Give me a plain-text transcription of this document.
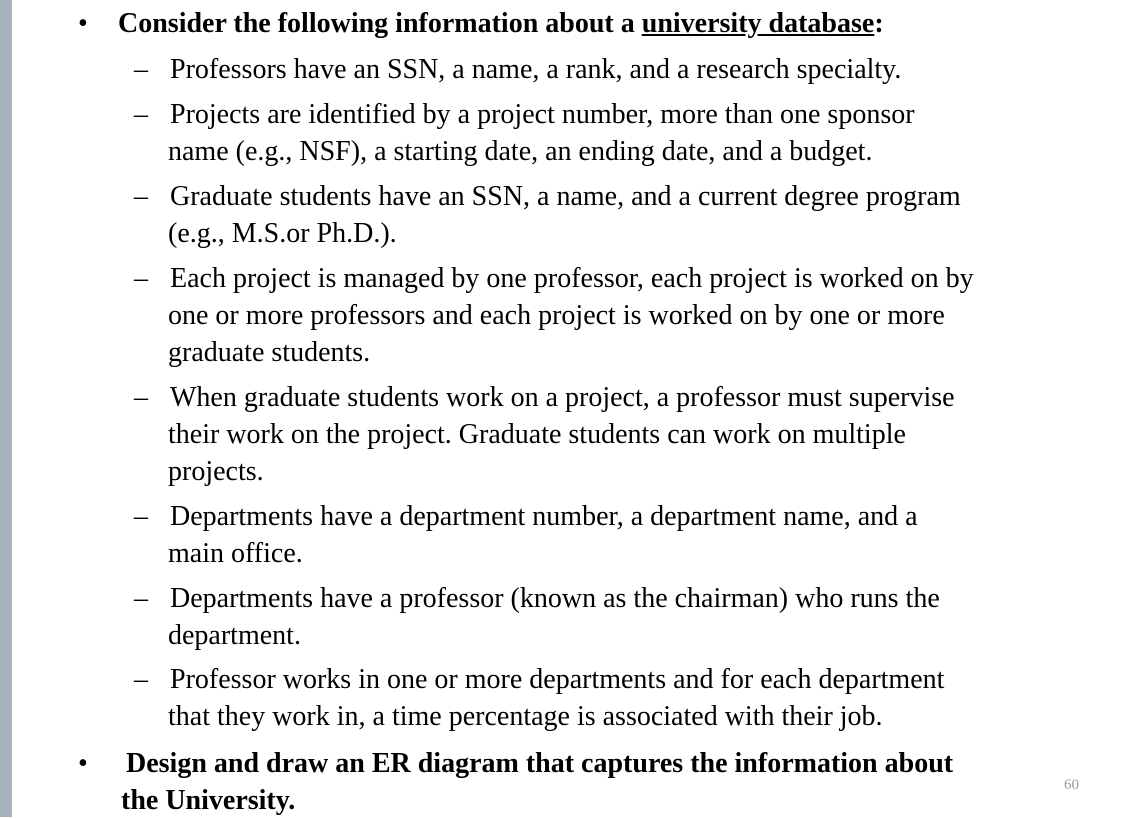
• Consider the following information about a university database:
– Professors have an SSN, a name, a rank, and a research specialty.
– Projects are identified by a project number, more than one sponsor
name (e.g., NSF), a starting date, an ending date, and a budget.
– Graduate students have an SSN, a name, and a current degree program
(e.g., M.S.or Ph.D.).
– Each project is managed by one professor, each project is worked on by
one or more professors and each project is worked on by one or more
graduate students.
– When graduate students work on a project, a professor must supervise
their work on the project. Graduate students can work on multiple
projects.
– Departments have a department number, a department name, and a
main office.
– Departments have a professor (known as the chairman) who runs the
department.
– Professor works in one or more departments and for each department
that they work in, a time percentage is associated with their job.
• Design and draw an ER diagram that captures the information about
the University.	60
